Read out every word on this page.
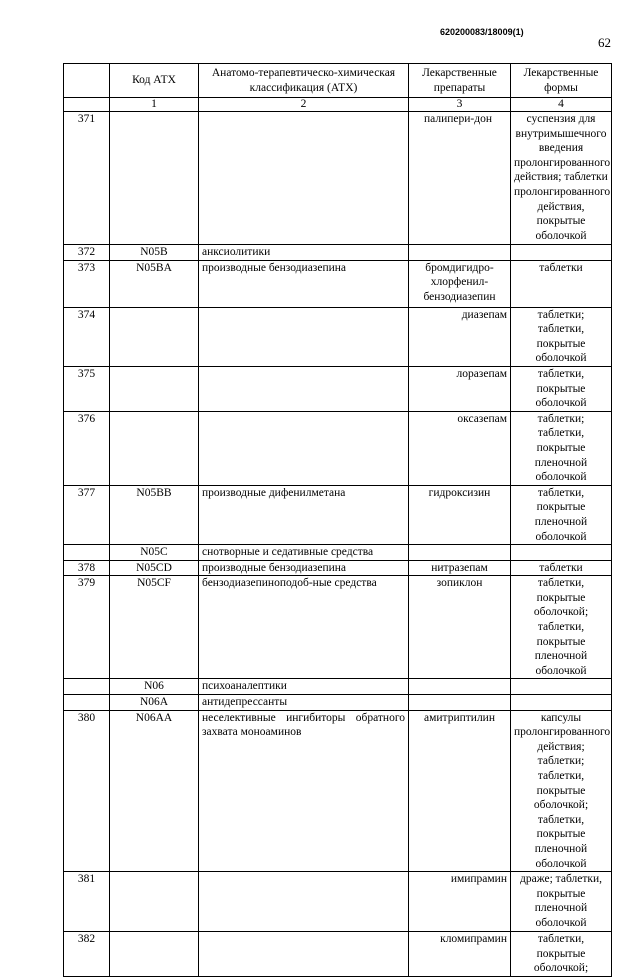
620200083/18009(1)
62
	Код АТХ	Анатомо-терапевтическо-химическая классификация (АТХ)	Лекарственные препараты	Лекарственные формы
	1	2	3	4
371			палипери-дон	суспензия для внутримышечного введения пролонгированного действия; таблетки пролонгированного действия, покрытые оболочкой
372	N05B	анксиолитики		
373	N05BA	производные бензодиазепина	бромдигидро-хлорфенил-бензодиазепин	таблетки
374			диазепам	таблетки; таблетки, покрытые оболочкой
375			лоразепам	таблетки, покрытые оболочкой
376			оксазепам	таблетки; таблетки, покрытые пленочной оболочкой
377	N05BB	производные дифенилметана	гидроксизин	таблетки, покрытые пленочной оболочкой
	N05C	снотворные и седативные средства		
378	N05CD	производные бензодиазепина	нитразепам	таблетки
379	N05CF	бензодиазепиноподоб-ные средства	зопиклон	таблетки, покрытые оболочкой; таблетки, покрытые пленочной оболочкой
	N06	психоаналептики		
	N06A	антидепрессанты		
380	N06AA	неселективные ингибиторы обратного захвата моноаминов	амитриптилин	капсулы пролонгированного действия; таблетки; таблетки, покрытые оболочкой; таблетки, покрытые пленочной оболочкой
381			имипрамин	драже; таблетки, покрытые пленочной оболочкой
382			кломипрамин	таблетки, покрытые оболочкой;
